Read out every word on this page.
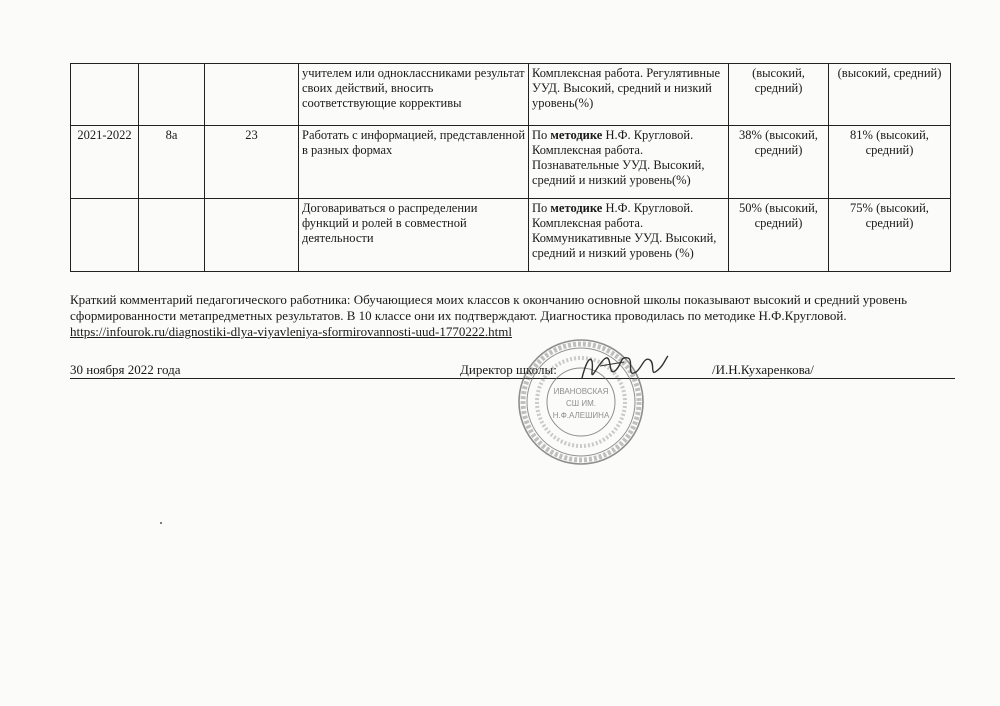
			учителем или одноклассниками результат своих действий, вносить соответствующие коррективы	Комплексная работа. Регулятивные УУД. Высокий, средний и низкий уровень(%)	(высокий, средний)	(высокий, средний)
2021-2022	8а	23	Работать с информацией, представленной в разных формах	По методике Н.Ф. Кругловой. Комплексная работа. Познавательные УУД. Высокий, средний и низкий уровень(%)	38% (высокий, средний)	81% (высокий, средний)
			Договариваться о распределении функций и ролей в совместной деятельности	По методике Н.Ф. Кругловой. Комплексная работа. Коммуникативные УУД. Высокий, средний и низкий уровень (%)	50% (высокий, средний)	75% (высокий, средний)
Краткий комментарий педагогического работника: Обучающиеся моих классов к окончанию основной школы показывают высокий и средний уровень сформированности метапредметных результатов. В 10 классе они их подтверждают. Диагностика проводилась по методике Н.Ф.Кругловой. https://infourok.ru/diagnostiki-dlya-viyavleniya-sformirovannosti-uud-1770222.html
30 ноября 2022 года	Директор школы:	/И.Н.Кухаренкова/
ИВАНОВСКАЯ
СШ ИМ.
Н.Ф.АЛЕШИНА
